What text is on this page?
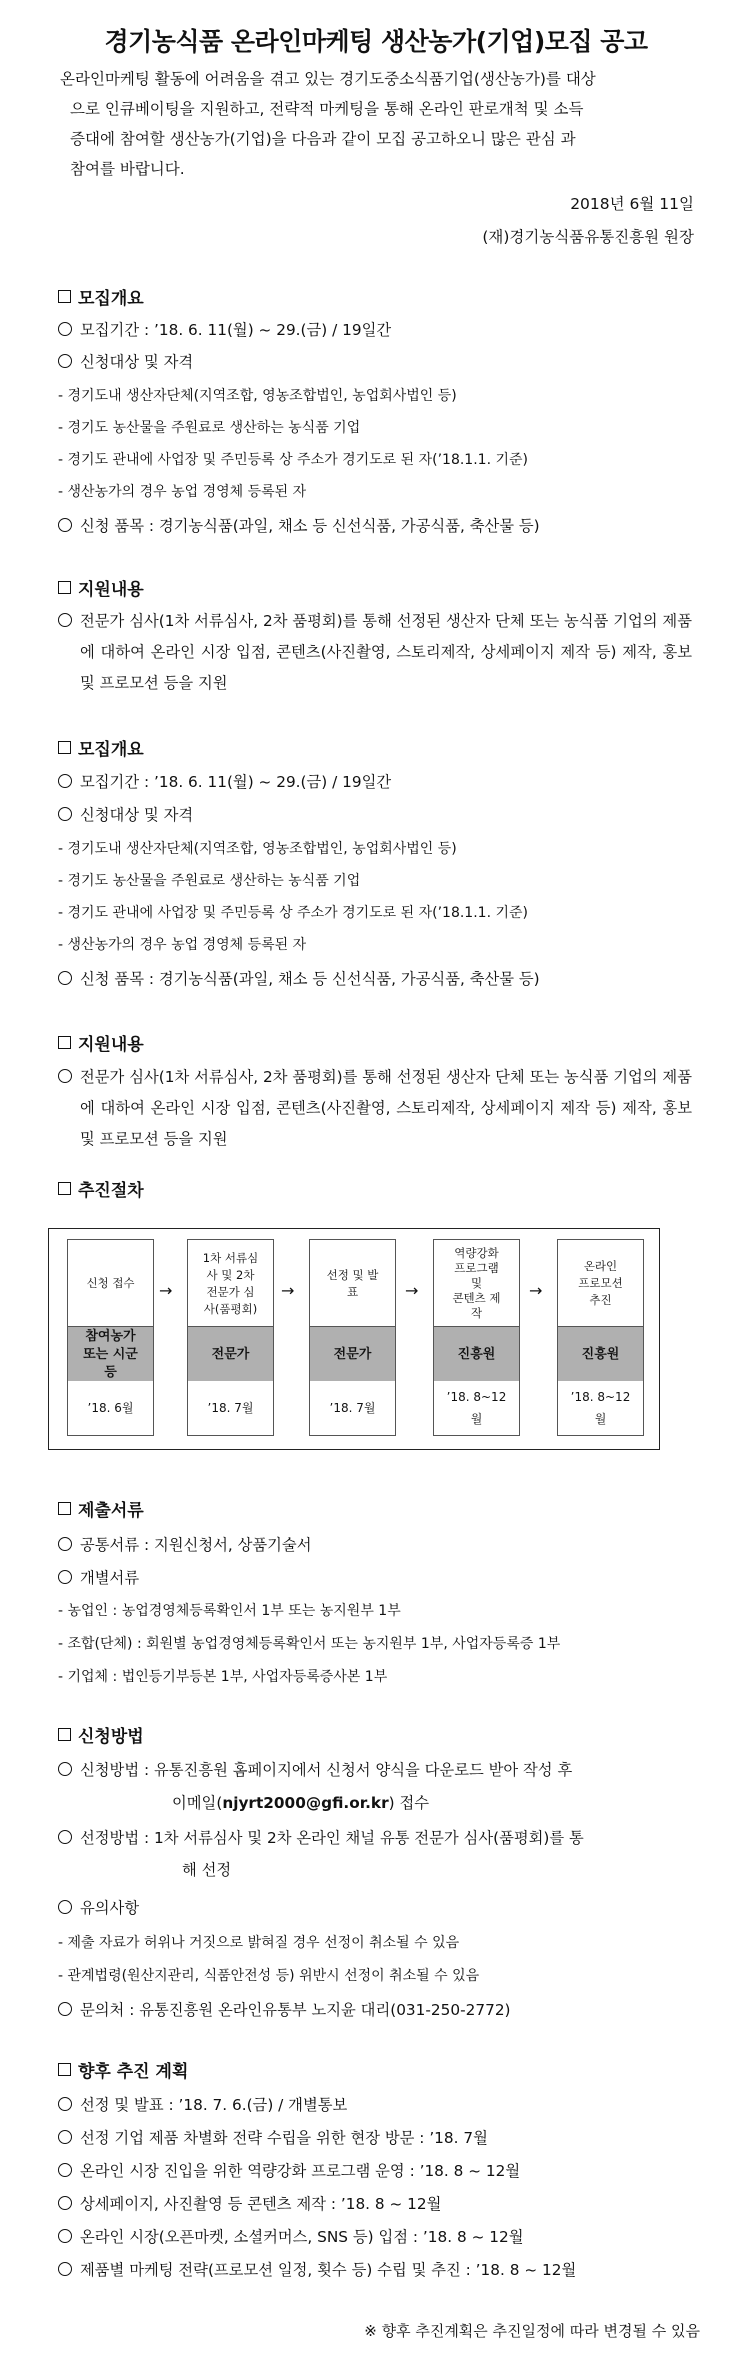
경기농식품 온라인마케팅 생산농가(기업)모집 공고
온라인마케팅 활동에 어려움을 겪고 있는 경기도중소식품기업(생산농가)를 대상
으로 인큐베이팅을 지원하고, 전략적 마케팅을 통해 온라인 판로개척 및 소득
증대에 참여할 생산농가(기업)을 다음과 같이 모집 공고하오니 많은 관심 과
참여를 바랍니다.
2018년 6월 11일
(재)경기농식품유통진흥원 원장
모집개요
모집기간 : ’18. 6. 11(월) ~ 29.(금) / 19일간
신청대상 및 자격
- 경기도내 생산자단체(지역조합, 영농조합법인, 농업회사법인 등)
- 경기도 농산물을 주원료로 생산하는 농식품 기업
- 경기도 관내에 사업장 및 주민등록 상 주소가 경기도로 된 자(’18.1.1. 기준)
- 생산농가의 경우 농업 경영체 등록된 자
신청 품목 : 경기농식품(과일, 채소 등 신선식품, 가공식품, 축산물 등)
지원내용
전문가 심사(1차 서류심사, 2차 품평회)를 통해 선정된 생산자 단체 또는 농식품 기업의 제품에 대하여 온라인 시장 입점, 콘텐츠(사진촬영, 스토리제작, 상세페이지 제작 등) 제작, 홍보 및 프로모션 등을 지원
모집개요
모집기간 : ’18. 6. 11(월) ~ 29.(금) / 19일간
신청대상 및 자격
- 경기도내 생산자단체(지역조합, 영농조합법인, 농업회사법인 등)
- 경기도 농산물을 주원료로 생산하는 농식품 기업
- 경기도 관내에 사업장 및 주민등록 상 주소가 경기도로 된 자(’18.1.1. 기준)
- 생산농가의 경우 농업 경영체 등록된 자
신청 품목 : 경기농식품(과일, 채소 등 신선식품, 가공식품, 축산물 등)
지원내용
전문가 심사(1차 서류심사, 2차 품평회)를 통해 선정된 생산자 단체 또는 농식품 기업의 제품에 대하여 온라인 시장 입점, 콘텐츠(사진촬영, 스토리제작, 상세페이지 제작 등) 제작, 홍보 및 프로모션 등을 지원
추진절차
신청 접수
참여농가
또는 시군
등
’18. 6월
→
1차 서류심
사 및 2차
전문가 심
사(품평회)
전문가
’18. 7월
→
선정 및 발
표
전문가
’18. 7월
→
역량강화
프로그램
및
콘텐츠 제
작
진흥원
’18. 8~12
월
→
온라인
프로모션
추진
진흥원
’18. 8~12
월
제출서류
공통서류 : 지원신청서, 상품기술서
개별서류
- 농업인 : 농업경영체등록확인서 1부 또는 농지원부 1부
- 조합(단체) : 회원별 농업경영체등록확인서 또는 농지원부 1부, 사업자등록증 1부
- 기업체 : 법인등기부등본 1부, 사업자등록증사본 1부
신청방법
신청방법 : 유통진흥원 홈페이지에서 신청서 양식을 다운로드 받아 작성 후
이메일(njyrt2000@gfi.or.kr) 접수
선정방법 : 1차 서류심사 및 2차 온라인 채널 유통 전문가 심사(품평회)를 통
해 선정
유의사항
- 제출 자료가 허위나 거짓으로 밝혀질 경우 선정이 취소될 수 있음
- 관계법령(원산지관리, 식품안전성 등) 위반시 선정이 취소될 수 있음
문의처 : 유통진흥원 온라인유통부 노지윤 대리(031-250-2772)
향후 추진 계획
선정 및 발표 : ’18. 7. 6.(금) / 개별통보
선정 기업 제품 차별화 전략 수립을 위한 현장 방문 : ’18. 7월
온라인 시장 진입을 위한 역량강화 프로그램 운영 : ’18. 8 ~ 12월
상세페이지, 사진촬영 등 콘텐츠 제작 : ’18. 8 ~ 12월
온라인 시장(오픈마켓, 소셜커머스, SNS 등) 입점 : ’18. 8 ~ 12월
제품별 마케팅 전략(프로모션 일정, 횟수 등) 수립 및 추진 : ’18. 8 ~ 12월
※ 향후 추진계획은 추진일정에 따라 변경될 수 있음
